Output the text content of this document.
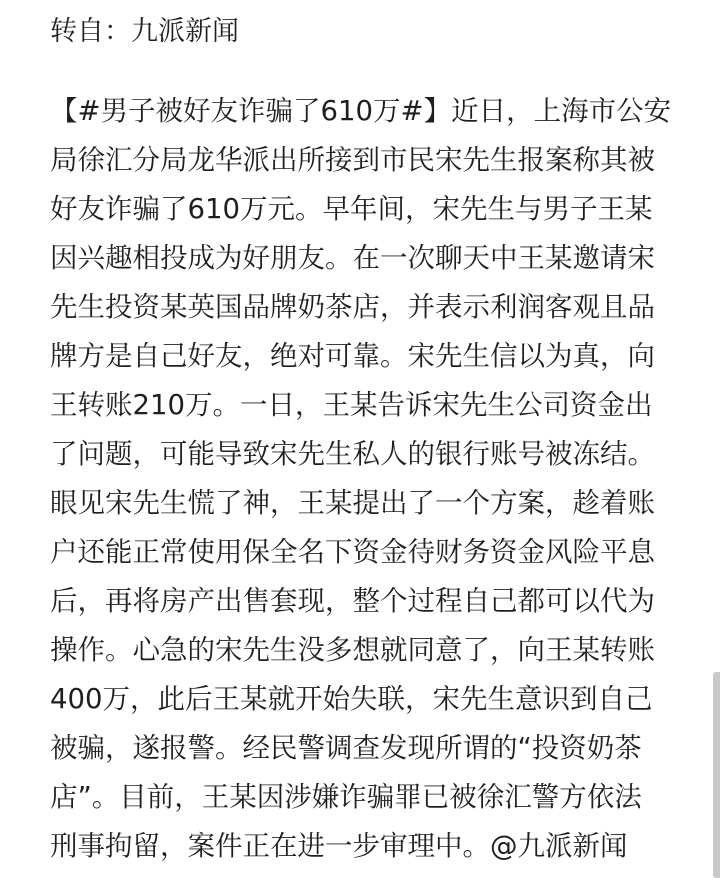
转自：九派新闻
【#男子被好友诈骗了610万#】近日，上海市公安
局徐汇分局龙华派出所接到市民宋先生报案称其被
好友诈骗了610万元。早年间，宋先生与男子王某
因兴趣相投成为好朋友。在一次聊天中王某邀请宋
先生投资某英国品牌奶茶店，并表示利润客观且品
牌方是自己好友，绝对可靠。宋先生信以为真，向
王转账210万。一日，王某告诉宋先生公司资金出
了问题，可能导致宋先生私人的银行账号被冻结。
眼见宋先生慌了神，王某提出了一个方案，趁着账
户还能正常使用保全名下资金待财务资金风险平息
后，再将房产出售套现，整个过程自己都可以代为
操作。心急的宋先生没多想就同意了，向王某转账
400万，此后王某就开始失联，宋先生意识到自己
被骗，遂报警。经民警调查发现所谓的“投资奶茶
店”。目前，王某因涉嫌诈骗罪已被徐汇警方依法
刑事拘留，案件正在进一步审理中。@九派新闻
